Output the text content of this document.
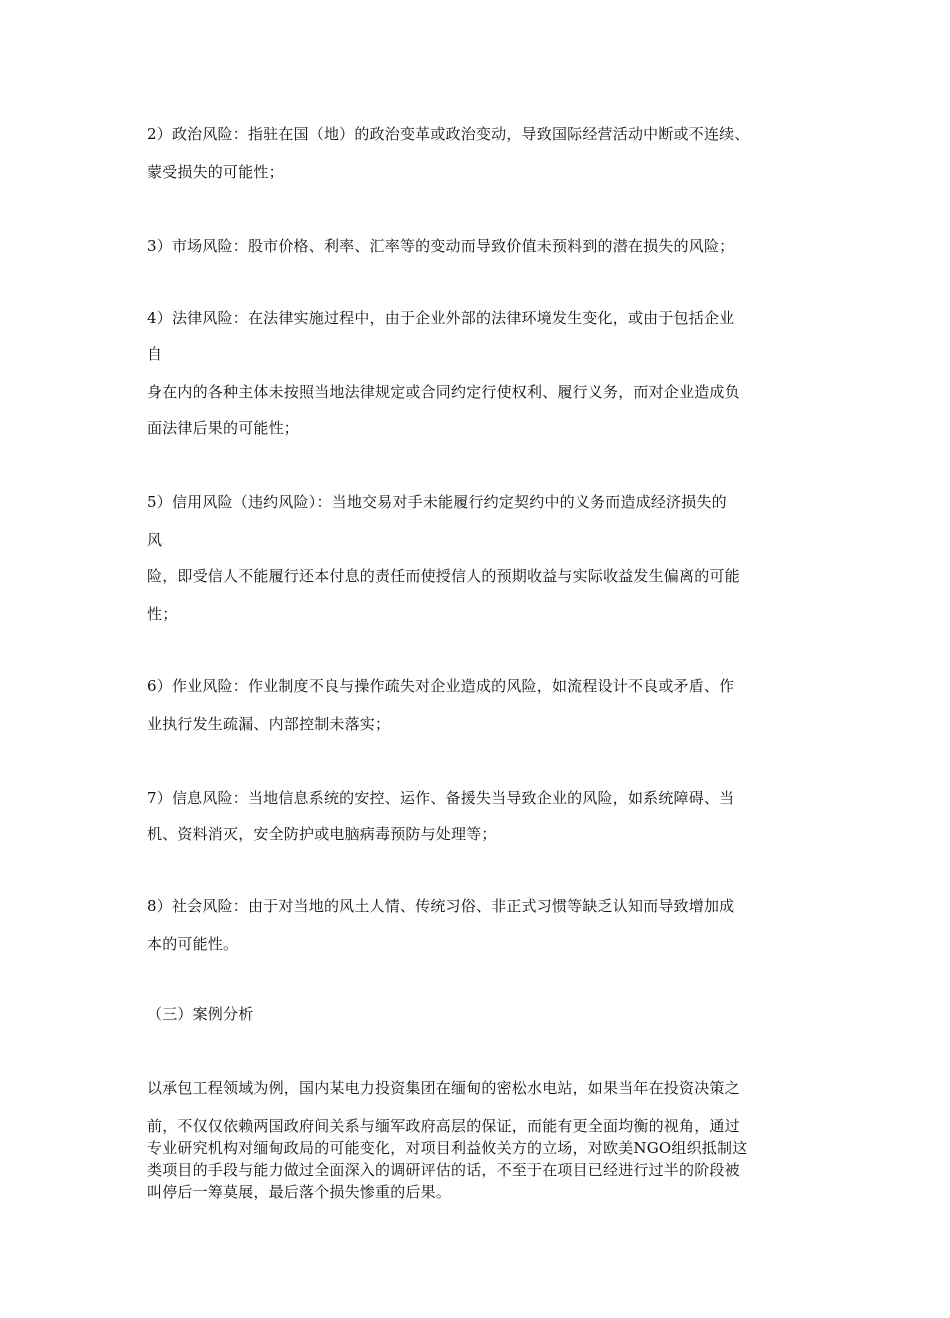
2）政治风险：指驻在国（地）的政治变革或政治变动，导致国际经营活动中断或不连续、
蒙受损失的可能性；
3）市场风险：股市价格、利率、汇率等的变动而导致价值未预料到的潜在损失的风险；
4）法律风险：在法律实施过程中，由于企业外部的法律环境发生变化，或由于包括企业
自
身在内的各种主体未按照当地法律规定或合同约定行使权利、履行义务，而对企业造成负
面法律后果的可能性；
5）信用风险（违约风险）：当地交易对手未能履行约定契约中的义务而造成经济损失的
风
险，即受信人不能履行还本付息的责任而使授信人的预期收益与实际收益发生偏离的可能
性；
6）作业风险：作业制度不良与操作疏失对企业造成的风险，如流程设计不良或矛盾、作
业执行发生疏漏、内部控制未落实；
7）信息风险：当地信息系统的安控、运作、备援失当导致企业的风险，如系统障碍、当
机、资料消灭，安全防护或电脑病毒预防与处理等；
8）社会风险：由于对当地的风土人情、传统习俗、非正式习惯等缺乏认知而导致增加成
本的可能性。
（三）案例分析
以承包工程领域为例，国内某电力投资集团在缅甸的密松水电站，如果当年在投资决策之
前，不仅仅依赖两国政府间关系与缅军政府高层的保证，而能有更全面均衡的视角，通过
专业研究机构对缅甸政局的可能变化，对项目利益攸关方的立场，对欧美NGO组织抵制这
类项目的手段与能力做过全面深入的调研评估的话，不至于在项目已经进行过半的阶段被
叫停后一筹莫展，最后落个损失惨重的后果。
